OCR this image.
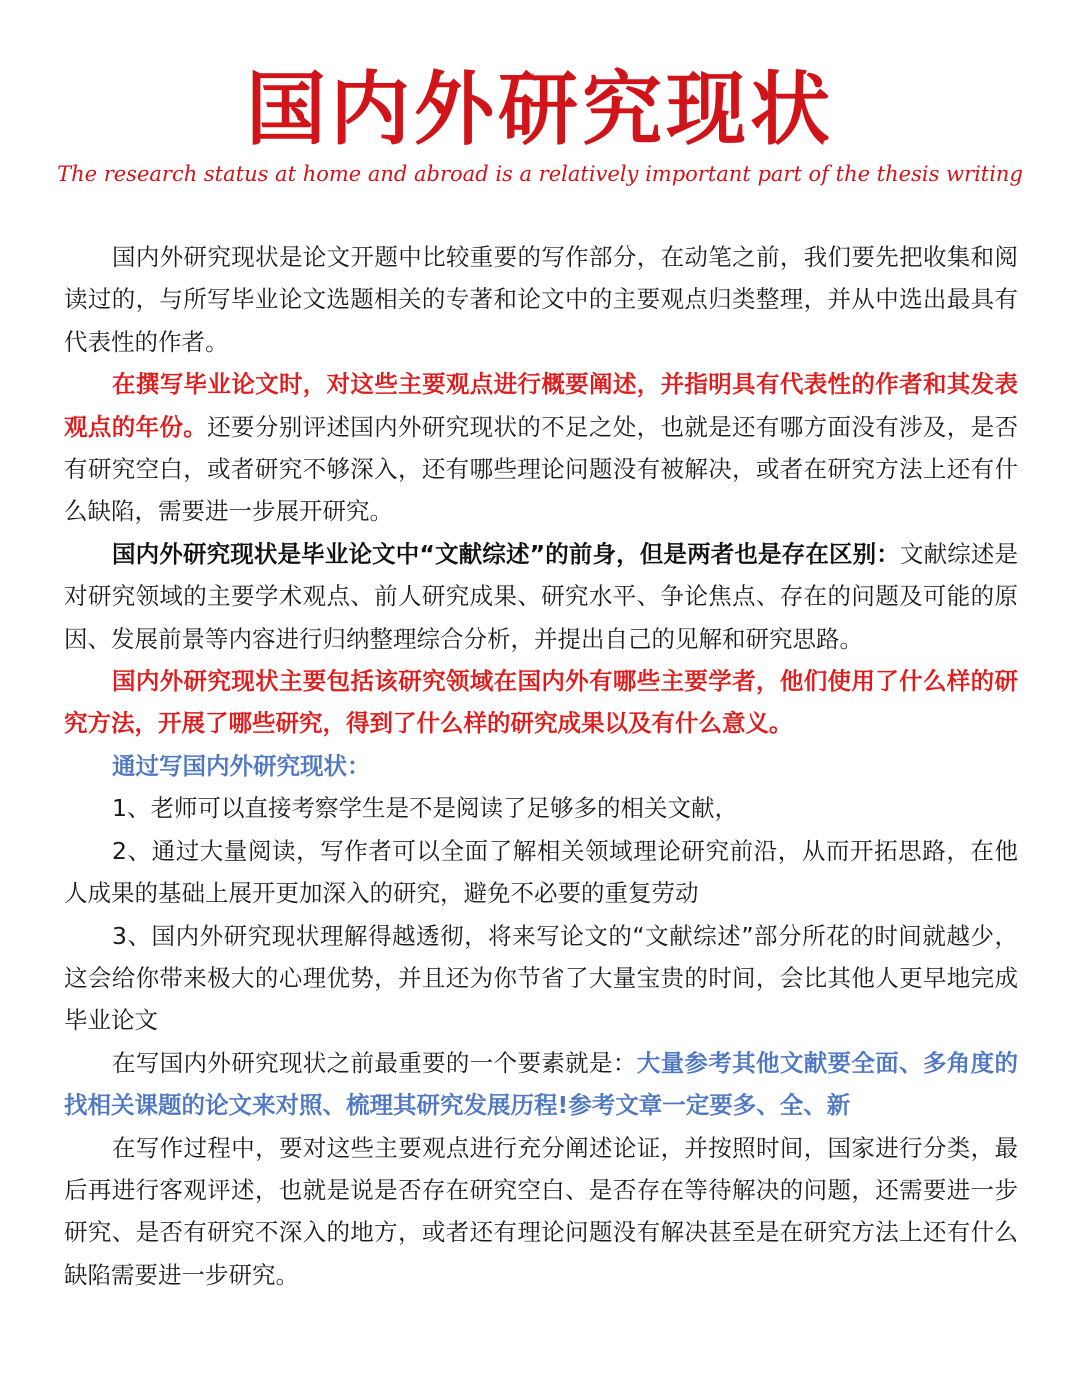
国内外研究现状
The research status at home and abroad is a relatively important part of the thesis writing

国内外研究现状是论文开题中比较重要的写作部分，在动笔之前，我们要先把收集和阅读过的，与所写毕业论文选题相关的专著和论文中的主要观点归类整理，并从中选出最具有代表性的作者。

在撰写毕业论文时，对这些主要观点进行概要阐述，并指明具有代表性的作者和其发表观点的年份。还要分别评述国内外研究现状的不足之处，也就是还有哪方面没有涉及，是否有研究空白，或者研究不够深入，还有哪些理论问题没有被解决，或者在研究方法上还有什么缺陷，需要进一步展开研究。

国内外研究现状是毕业论文中“文献综述”的前身，但是两者也是存在区别：文献综述是对研究领域的主要学术观点、前人研究成果、研究水平、争论焦点、存在的问题及可能的原因、发展前景等内容进行归纳整理综合分析，并提出自己的见解和研究思路。

国内外研究现状主要包括该研究领域在国内外有哪些主要学者，他们使用了什么样的研究方法，开展了哪些研究，得到了什么样的研究成果以及有什么意义。

通过写国内外研究现状：

1、老师可以直接考察学生是不是阅读了足够多的相关文献，

2、通过大量阅读，写作者可以全面了解相关领域理论研究前沿，从而开拓思路，在他人成果的基础上展开更加深入的研究，避免不必要的重复劳动

3、国内外研究现状理解得越透彻，将来写论文的“文献综述”部分所花的时间就越少，这会给你带来极大的心理优势，并且还为你节省了大量宝贵的时间，会比其他人更早地完成毕业论文

在写国内外研究现状之前最重要的一个要素就是：大量参考其他文献要全面、多角度的找相关课题的论文来对照、梳理其研究发展历程!参考文章一定要多、全、新

在写作过程中，要对这些主要观点进行充分阐述论证，并按照时间，国家进行分类，最后再进行客观评述，也就是说是否存在研究空白、是否存在等待解决的问题，还需要进一步研究、是否有研究不深入的地方，或者还有理论问题没有解决甚至是在研究方法上还有什么缺陷需要进一步研究。
